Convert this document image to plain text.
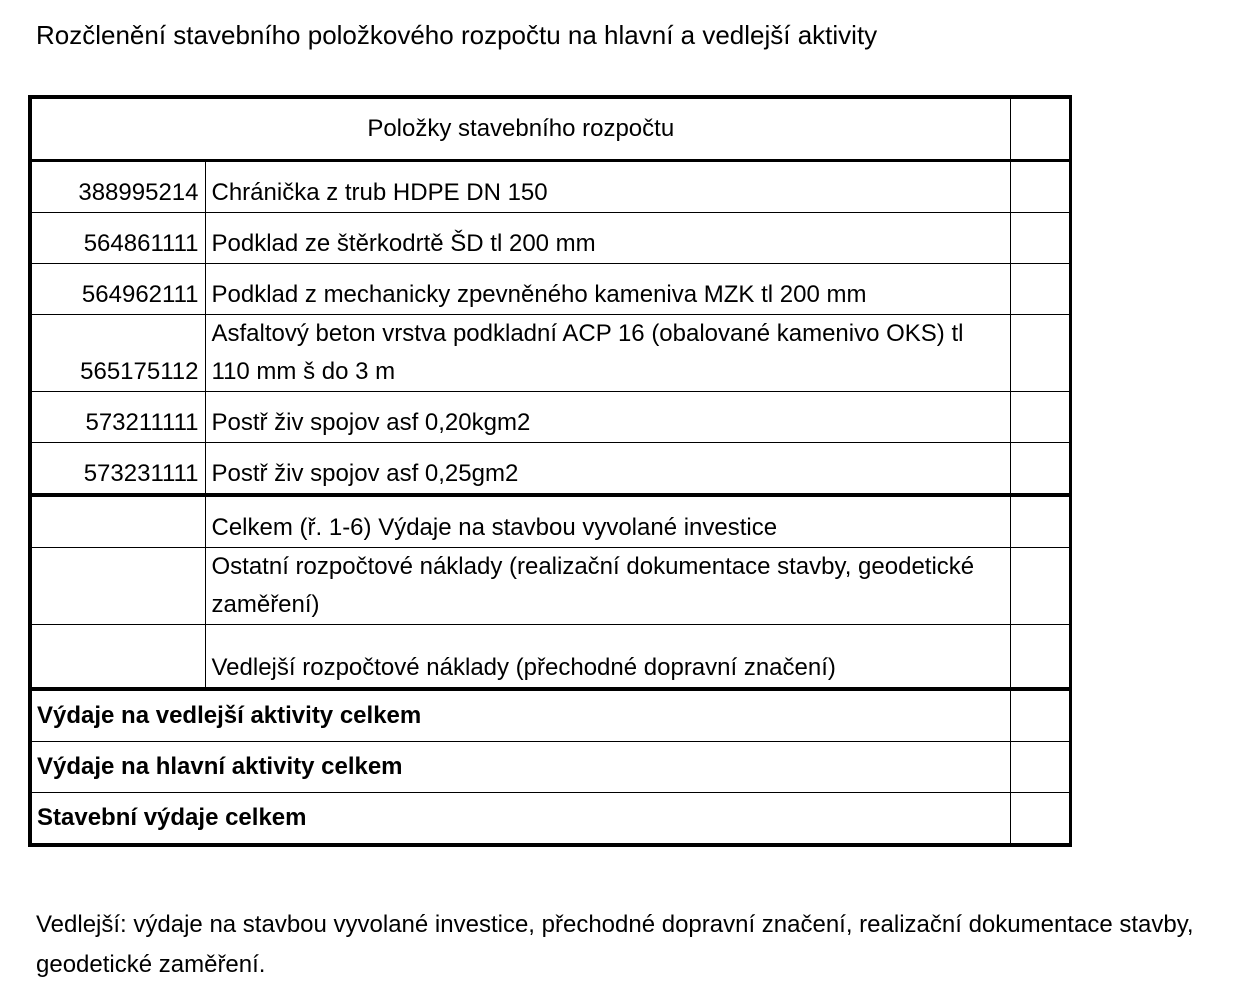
Rozčlenění stavebního položkového rozpočtu na hlavní a vedlejší aktivity
Položky stavebního rozpočtu		
388995214	Chránička z trub HDPE DN 150	
564861111	Podklad ze štěrkodrtě ŠD tl 200 mm	
564962111	Podklad z mechanicky zpevněného kameniva MZK tl 200 mm	
565175112	Asfaltový beton vrstva podkladní ACP 16 (obalované kamenivo OKS) tl 110 mm š do 3 m	

573211111	Postř živ spojov asf 0,20kgm2	
573231111	Postř živ spojov asf 0,25gm2	
	Celkem (ř. 1-6) Výdaje na stavbou vyvolané investice	

	Ostatní rozpočtové náklady (realizační dokumentace stavby, geodetické zaměření)	

	Vedlejší rozpočtové náklady (přechodné dopravní značení)	
Výdaje na vedlejší aktivity celkem		
Výdaje na hlavní aktivity celkem		
Stavební výdaje celkem		
Vedlejší: výdaje na stavbou vyvolané investice, přechodné dopravní značení, realizační dokumentace stavby, geodetické zaměření.
